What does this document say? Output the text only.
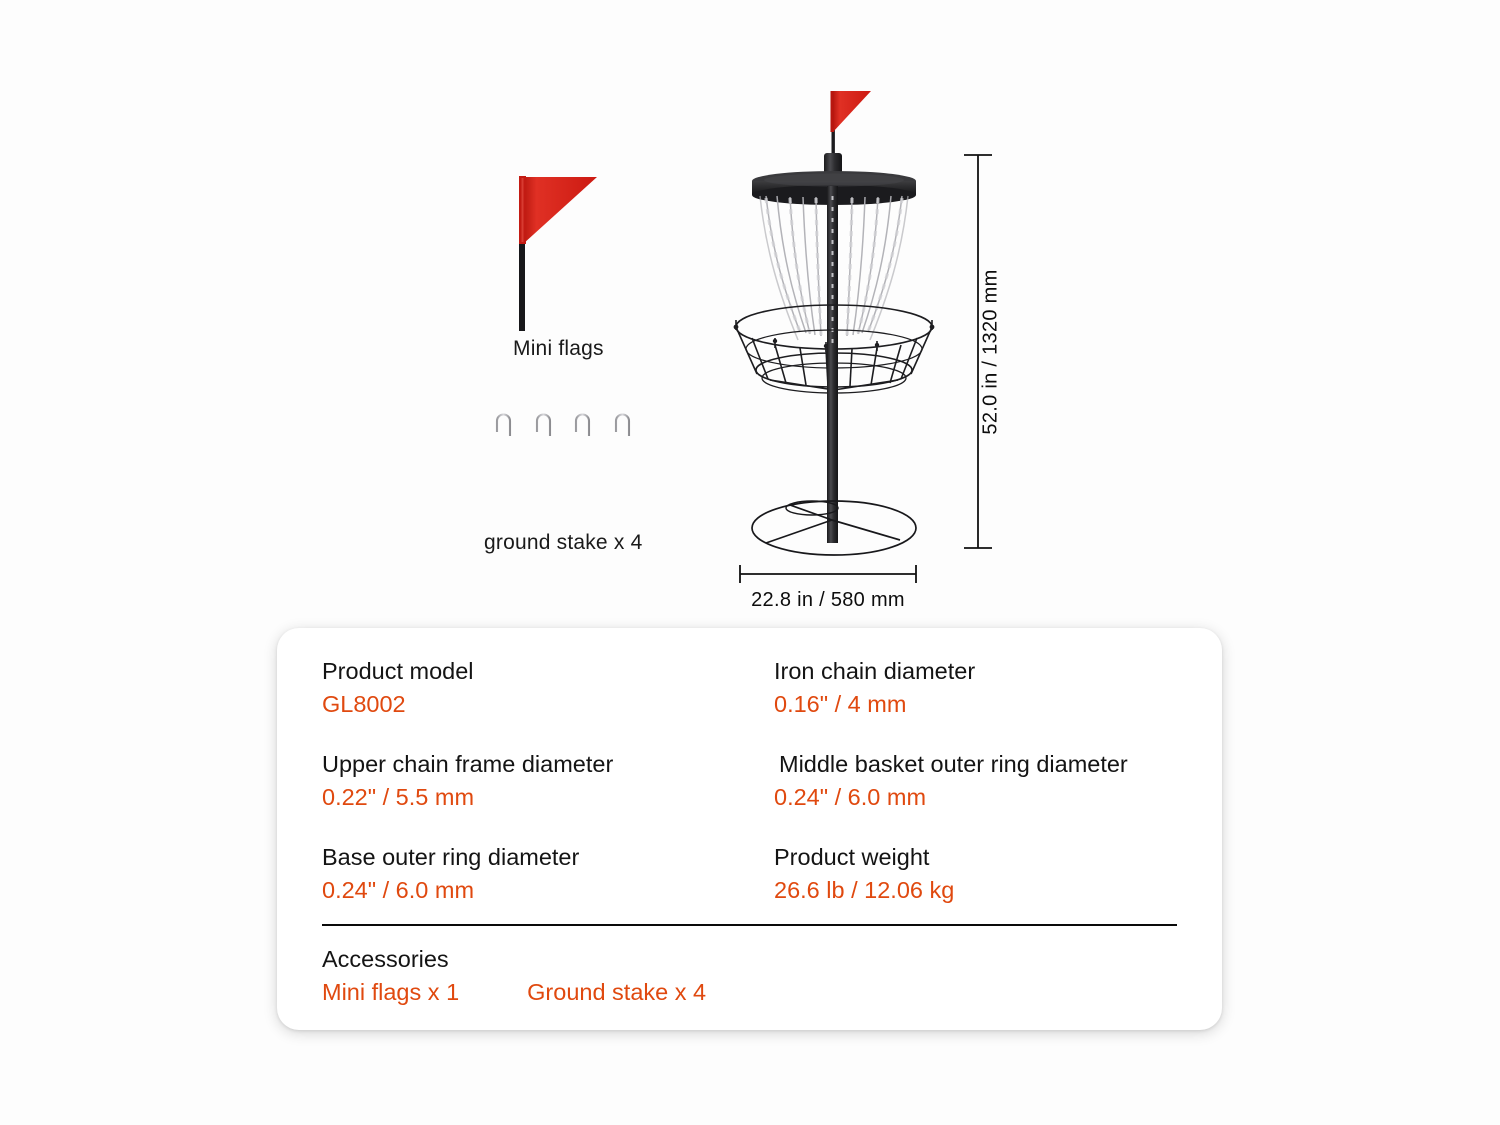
Mini flags
ground stake x 4
52.0 in / 1320 mm
22.8 in / 580 mm
Product model
GL8002
Iron chain diameter
0.16" / 4 mm
Upper chain frame diameter
0.22" / 5.5 mm
Middle basket outer ring diameter
0.24" / 6.0 mm
Base outer ring diameter
0.24" / 6.0 mm
Product weight
26.6 lb / 12.06 kg
Accessories
Mini flags x 1	Ground stake x 4
